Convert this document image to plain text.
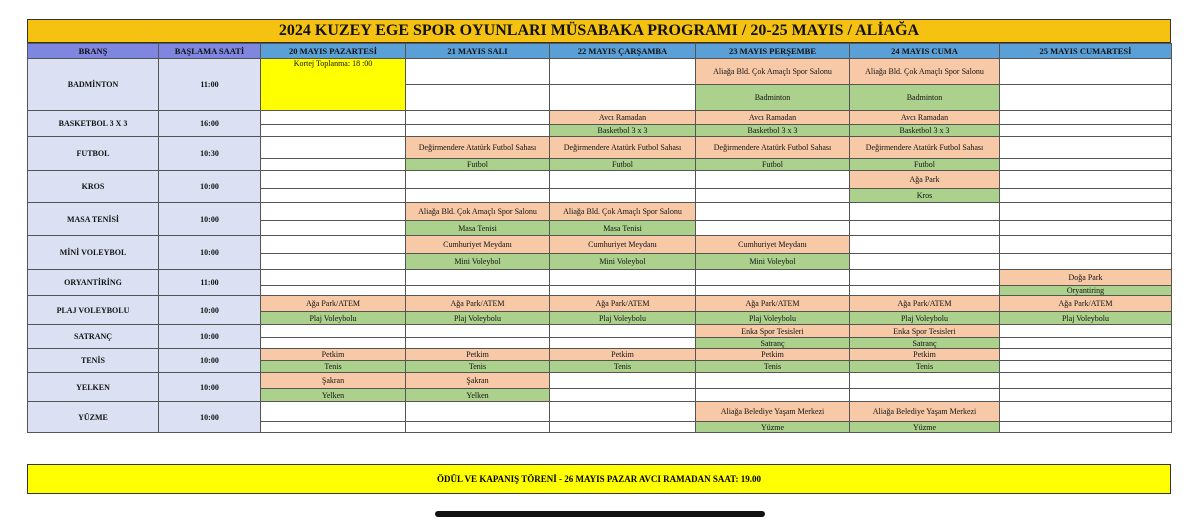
2024 KUZEY EGE SPOR OYUNLARI MÜSABAKA PROGRAMI / 20-25 MAYIS / ALİAĞA
BRANŞ	BAŞLAMA SAATİ	20 MAYIS PAZARTESİ	21 MAYIS SALI	22 MAYIS ÇARŞAMBA	23 MAYIS PERŞEMBE	24 MAYIS CUMA	25 MAYIS CUMARTESİ
BADMİNTON	11:00	Kortej Toplanma: 18 :00			Aliağa Bld. Çok Amaçlı Spor Salonu	Aliağa Bld. Çok Amaçlı Spor Salonu	
					Badminton	Badminton	
BASKETBOL 3 X 3	16:00			Avcı Ramadan	Avcı Ramadan	Avcı Ramadan	
				Basketbol 3 x 3	Basketbol 3 x 3	Basketbol 3 x 3	
FUTBOL	10:30		Değirmendere Atatürk Futbol Sahası	Değirmendere Atatürk Futbol Sahası	Değirmendere Atatürk Futbol Sahası	Değirmendere Atatürk Futbol Sahası	
			Futbol	Futbol	Futbol	Futbol	
KROS	10:00					Ağa Park	
						Kros	
MASA TENİSİ	10:00		Aliağa Bld. Çok Amaçlı Spor Salonu	Aliağa Bld. Çok Amaçlı Spor Salonu			
			Masa Tenisi	Masa Tenisi			
MİNİ VOLEYBOL	10:00		Cumhuriyet Meydanı	Cumhuriyet Meydanı	Cumhuriyet Meydanı		
			Mini Voleybol	Mini Voleybol	Mini Voleybol		
ORYANTİRİNG	11:00						Doğa Park
							Oryantiring
PLAJ VOLEYBOLU	10:00	Ağa Park/ATEM	Ağa Park/ATEM	Ağa Park/ATEM	Ağa Park/ATEM	Ağa Park/ATEM	Ağa Park/ATEM
		Plaj Voleybolu	Plaj Voleybolu	Plaj Voleybolu	Plaj Voleybolu	Plaj Voleybolu	Plaj Voleybolu
SATRANÇ	10:00				Enka Spor Tesisleri	Enka Spor Tesisleri	
					Satranç	Satranç	
TENİS	10:00	Petkim	Petkim	Petkim	Petkim	Petkim	
		Tenis	Tenis	Tenis	Tenis	Tenis	
YELKEN	10:00	Şakran	Şakran				
		Yelken	Yelken				
YÜZME	10:00				Aliağa Belediye Yaşam Merkezi	Aliağa Belediye Yaşam Merkezi	
					Yüzme	Yüzme	
ÖDÜL VE KAPANIŞ TÖRENİ - 26 MAYIS PAZAR AVCI RAMADAN SAAT: 19.00
